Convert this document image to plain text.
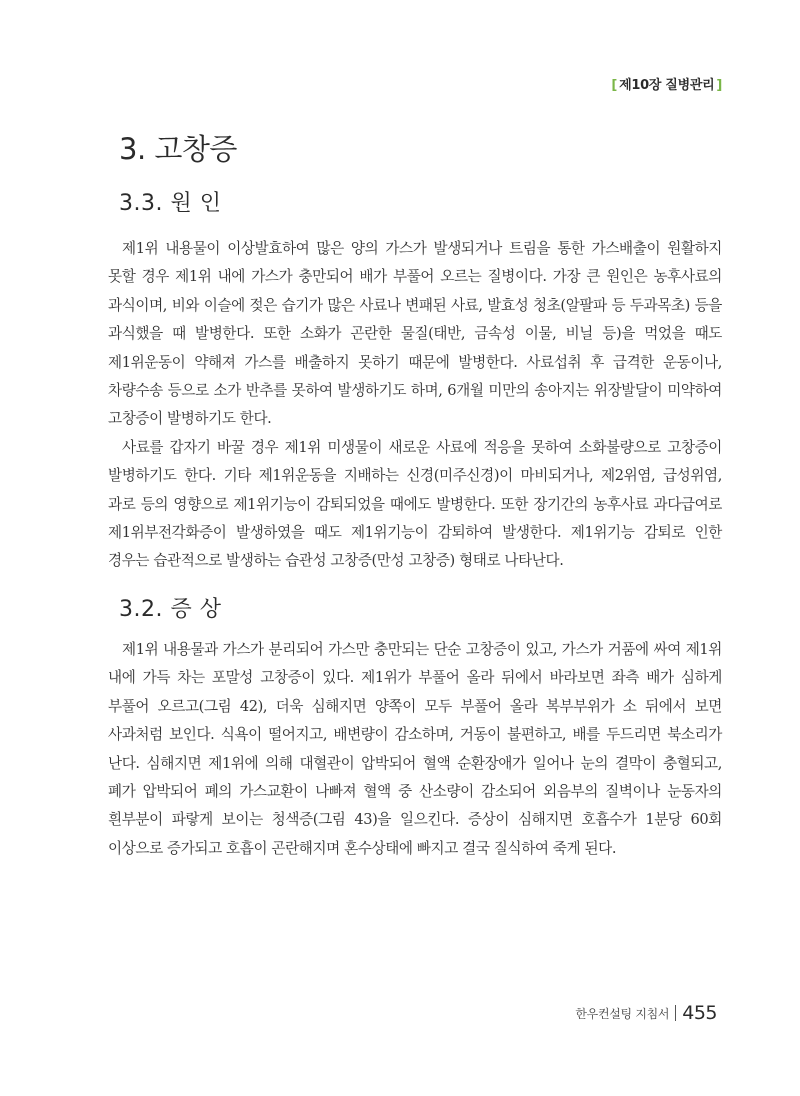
[ 제10장 질병관리 ]
3. 고창증
3.3. 원 인

제1위 내용물이 이상발효하여 많은 양의 가스가 발생되거나 트림을 통한 가스배출이 원활하지 못할 경우 제1위 내에 가스가 충만되어 배가 부풀어 오르는 질병이다. 가장 큰 원인은 농후사료의 과식이며, 비와 이슬에 젖은 습기가 많은 사료나 변패된 사료, 발효성 청초(알팔파 등 두과목초) 등을 과식했을 때 발병한다. 또한 소화가 곤란한 물질(태반, 금속성 이물, 비닐 등)을 먹었을 때도 제1위운동이 약해져 가스를 배출하지 못하기 때문에 발병한다. 사료섭취 후 급격한 운동이나, 차량수송 등으로 소가 반추를 못하여 발생하기도 하며, 6개월 미만의 송아지는 위장발달이 미약하여 고창증이 발병하기도 한다.

사료를 갑자기 바꿀 경우 제1위 미생물이 새로운 사료에 적응을 못하여 소화불량으로 고창증이 발병하기도 한다. 기타 제1위운동을 지배하는 신경(미주신경)이 마비되거나, 제2위염, 급성위염, 과로 등의 영향으로 제1위기능이 감퇴되었을 때에도 발병한다. 또한 장기간의 농후사료 과다급여로 제1위부전각화증이 발생하였을 때도 제1위기능이 감퇴하여 발생한다. 제1위기능 감퇴로 인한 경우는 습관적으로 발생하는 습관성 고창증(만성 고창증) 형태로 나타난다.

3.2. 증 상

제1위 내용물과 가스가 분리되어 가스만 충만되는 단순 고창증이 있고, 가스가 거품에 싸여 제1위 내에 가득 차는 포말성 고창증이 있다. 제1위가 부풀어 올라 뒤에서 바라보면 좌측 배가 심하게 부풀어 오르고(그림 42), 더욱 심해지면 양쪽이 모두 부풀어 올라 복부부위가 소 뒤에서 보면 사과처럼 보인다. 식욕이 떨어지고, 배변량이 감소하며, 거동이 불편하고, 배를 두드리면 북소리가 난다. 심해지면 제1위에 의해 대혈관이 압박되어 혈액 순환장애가 일어나 눈의 결막이 충혈되고, 폐가 압박되어 폐의 가스교환이 나빠져 혈액 중 산소량이 감소되어 외음부의 질벽이나 눈동자의 흰부분이 파랗게 보이는 청색증(그림 43)을 일으킨다. 증상이 심해지면 호흡수가 1분당 60회 이상으로 증가되고 호흡이 곤란해지며 혼수상태에 빠지고 결국 질식하여 죽게 된다.

한우컨설팅 지침서 455
